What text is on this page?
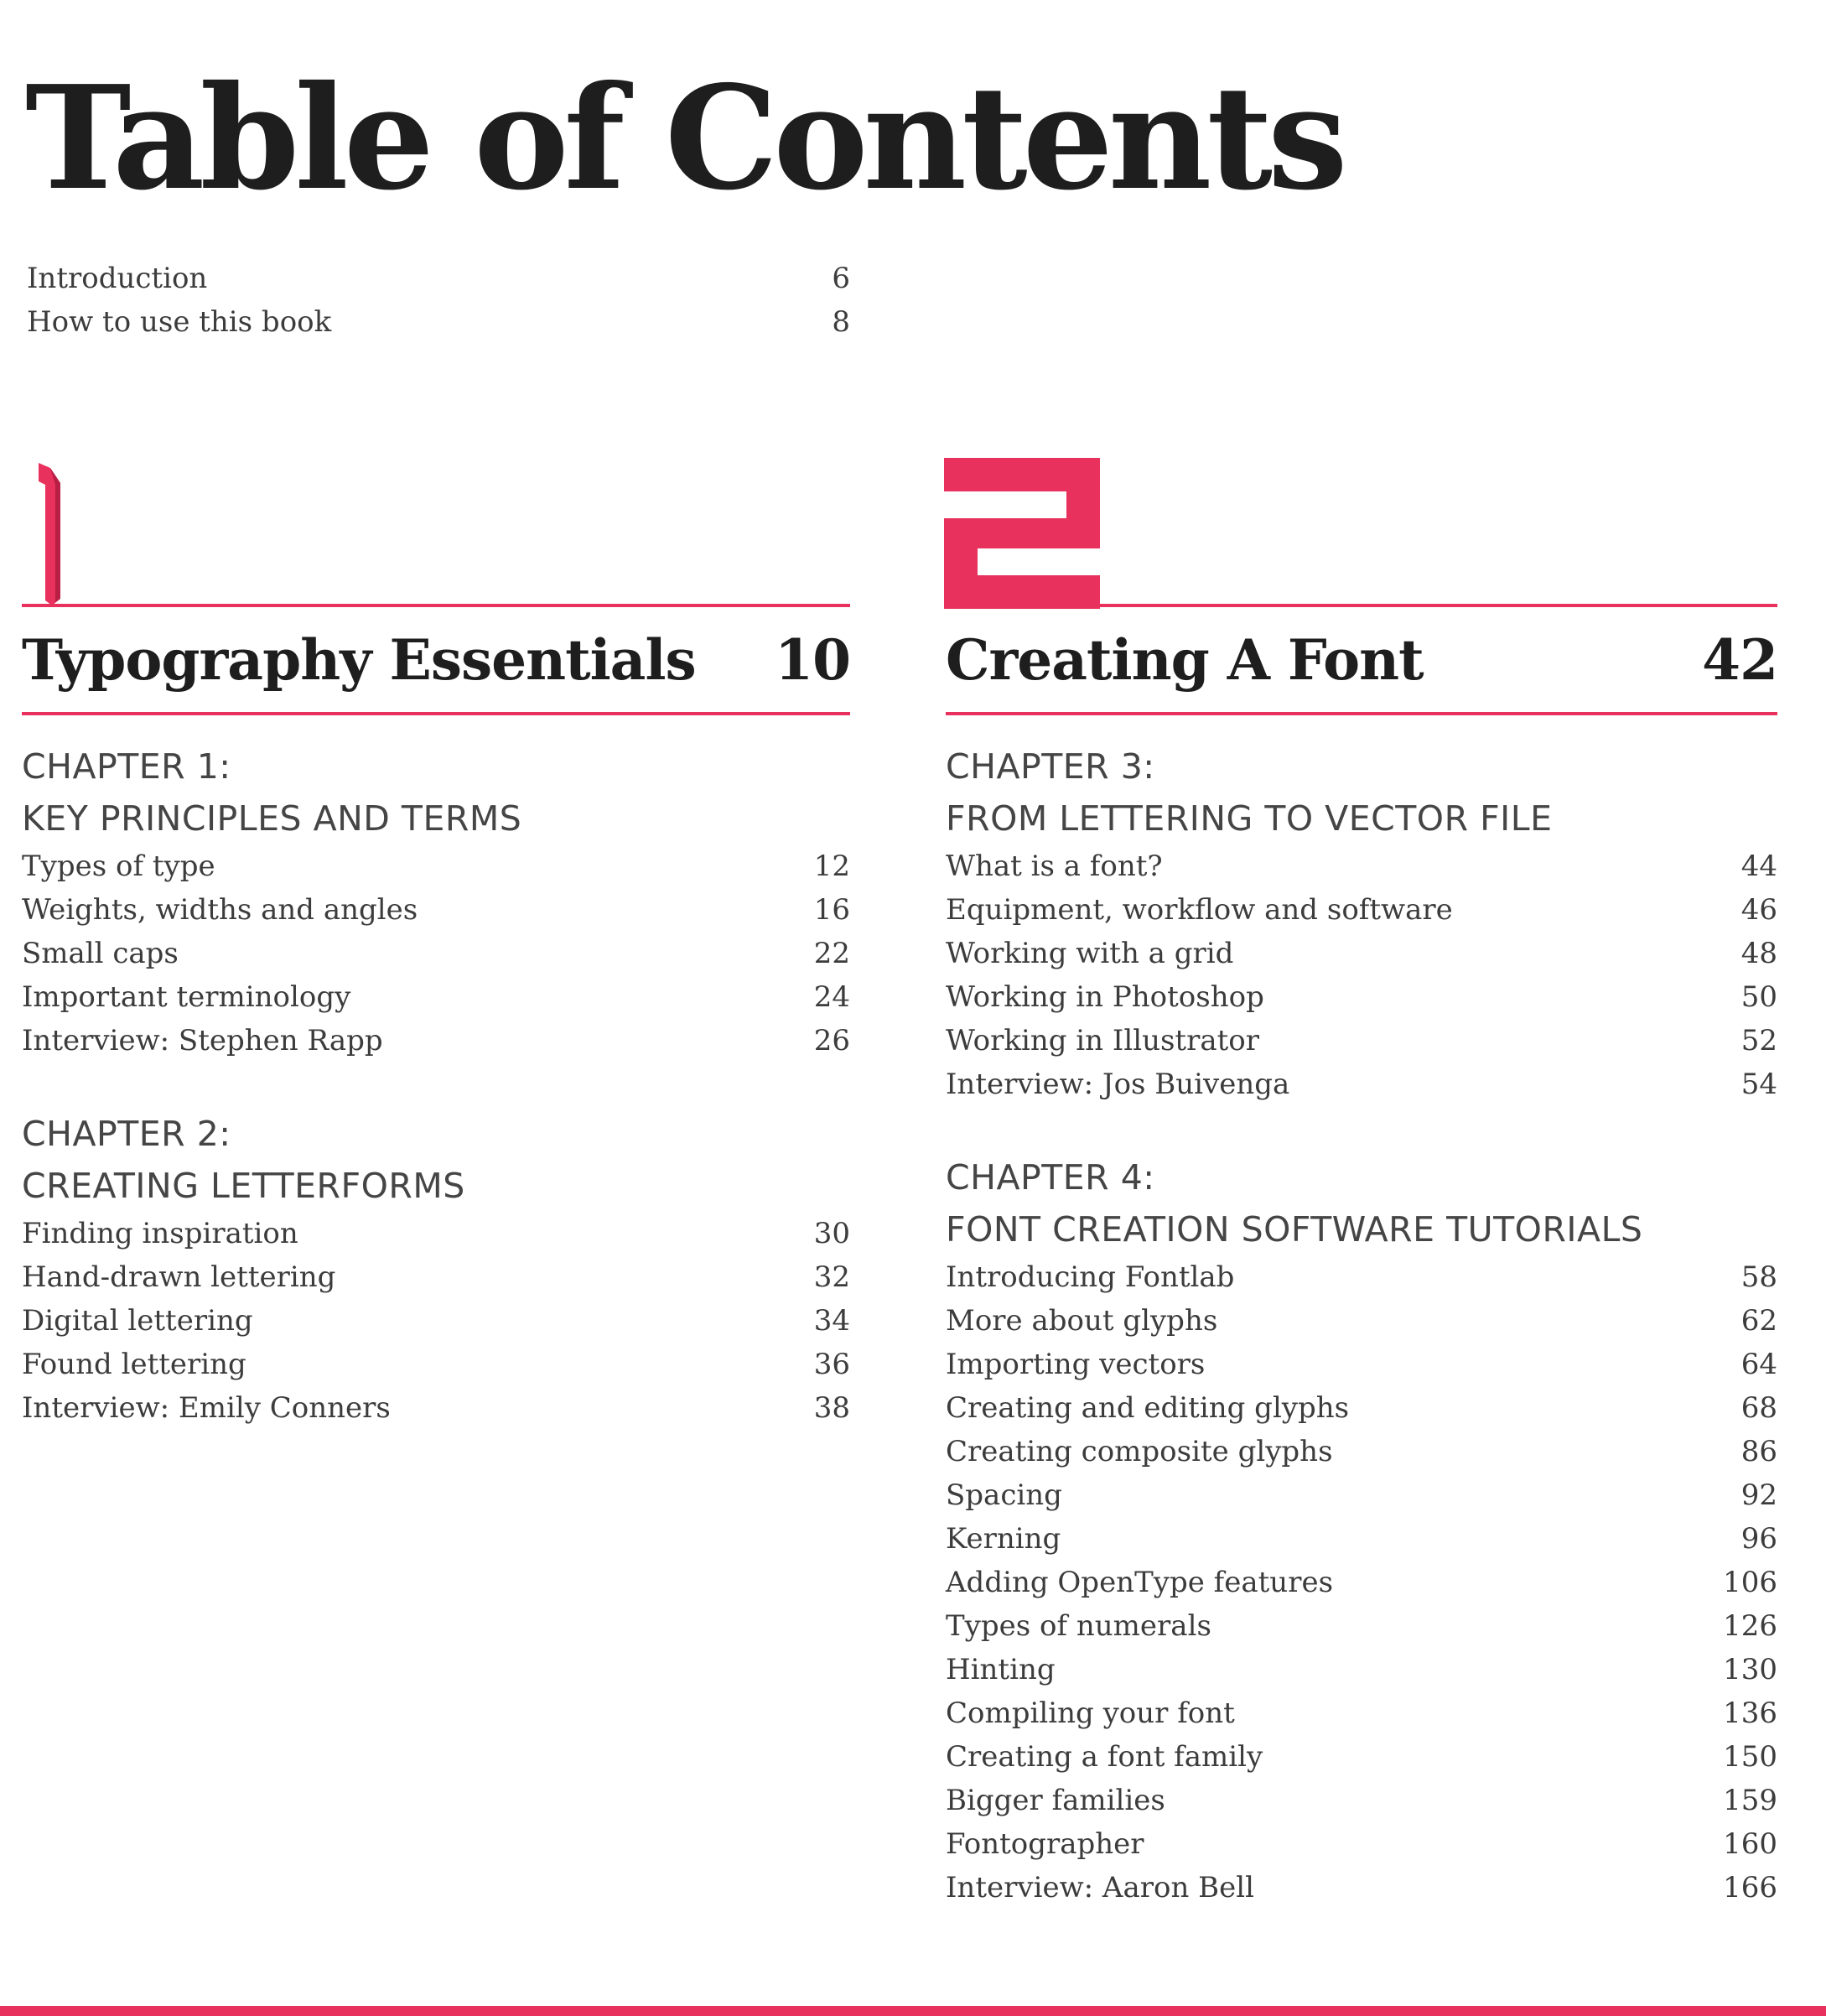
Table of Contents
Introduction	6
How to use this book	8
Typography Essentials 10
CHAPTER 1:
KEY PRINCIPLES AND TERMS
Types of type	12
Weights, widths and angles	16
Small caps	22
Important terminology	24
Interview: Stephen Rapp	26
CHAPTER 2:
CREATING LETTERFORMS
Finding inspiration	30
Hand-drawn lettering	32
Digital lettering	34
Found lettering	36
Interview: Emily Conners	38
Creating A Font	42
CHAPTER 3:
FROM LETTERING TO VECTOR FILE
What is a font?	44
Equipment, workflow and software	46
Working with a grid	48
Working in Photoshop	50
Working in Illustrator	52
Interview: Jos Buivenga	54
CHAPTER 4:
FONT CREATION SOFTWARE TUTORIALS
Introducing Fontlab	58
More about glyphs	62
Importing vectors	64
Creating and editing glyphs	68
Creating composite glyphs	86
Spacing	92
Kerning	96
Adding OpenType features	106
Types of numerals	126
Hinting	130
Compiling your font	136
Creating a font family	150
Bigger families	159
Fontographer	160
Interview: Aaron Bell	166
